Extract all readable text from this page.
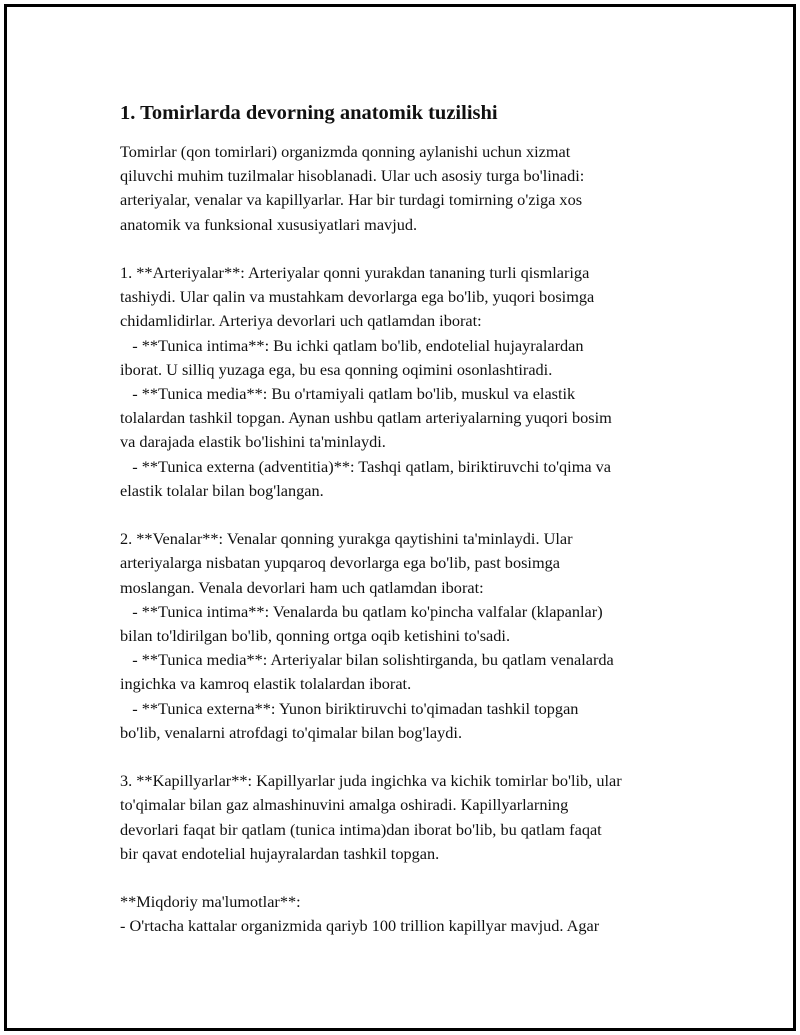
1. Tomirlarda devorning anatomik tuzilishi
Tomirlar (qon tomirlari) organizmda qonning aylanishi uchun xizmat
qiluvchi muhim tuzilmalar hisoblanadi. Ular uch asosiy turga bo'linadi:
arteriyalar, venalar va kapillyarlar. Har bir turdagi tomirning o'ziga xos
anatomik va funksional xususiyatlari mavjud.
1. **Arteriyalar**: Arteriyalar qonni yurakdan tananing turli qismlariga
tashiydi. Ular qalin va mustahkam devorlarga ega bo'lib, yuqori bosimga
chidamlidirlar. Arteriya devorlari uch qatlamdan iborat:
- **Tunica intima**: Bu ichki qatlam bo'lib, endotelial hujayralardan
iborat. U silliq yuzaga ega, bu esa qonning oqimini osonlashtiradi.
- **Tunica media**: Bu o'rtamiyali qatlam bo'lib, muskul va elastik
tolalardan tashkil topgan. Aynan ushbu qatlam arteriyalarning yuqori bosim
va darajada elastik bo'lishini ta'minlaydi.
- **Tunica externa (adventitia)**: Tashqi qatlam, biriktiruvchi to'qima va
elastik tolalar bilan bog'langan.
2. **Venalar**: Venalar qonning yurakga qaytishini ta'minlaydi. Ular
arteriyalarga nisbatan yupqaroq devorlarga ega bo'lib, past bosimga
moslangan. Venala devorlari ham uch qatlamdan iborat:
- **Tunica intima**: Venalarda bu qatlam ko'pincha valfalar (klapanlar)
bilan to'ldirilgan bo'lib, qonning ortga oqib ketishini to'sadi.
- **Tunica media**: Arteriyalar bilan solishtirganda, bu qatlam venalarda
ingichka va kamroq elastik tolalardan iborat.
- **Tunica externa**: Yunon biriktiruvchi to'qimadan tashkil topgan
bo'lib, venalarni atrofdagi to'qimalar bilan bog'laydi.
3. **Kapillyarlar**: Kapillyarlar juda ingichka va kichik tomirlar bo'lib, ular
to'qimalar bilan gaz almashinuvini amalga oshiradi. Kapillyarlarning
devorlari faqat bir qatlam (tunica intima)dan iborat bo'lib, bu qatlam faqat
bir qavat endotelial hujayralardan tashkil topgan.
**Miqdoriy ma'lumotlar**:
- O'rtacha kattalar organizmida qariyb 100 trillion kapillyar mavjud. Agar
